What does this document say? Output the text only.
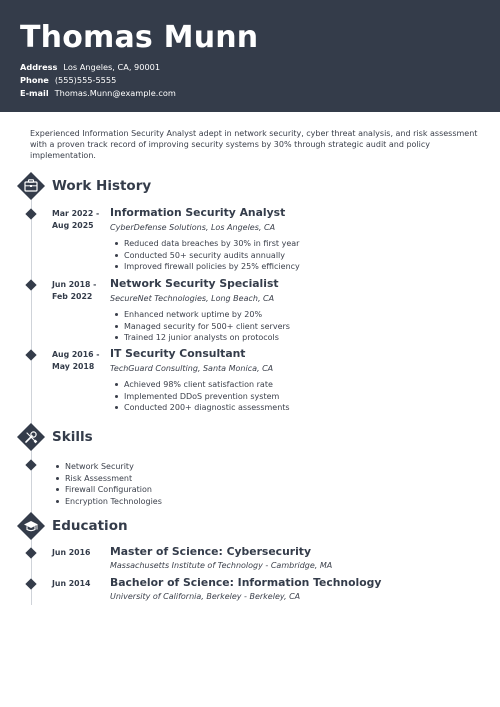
Thomas Munn
Address Los Angeles, CA, 90001
Phone (555)555-5555
E-mail Thomas.Munn@example.com

Experienced Information Security Analyst adept in network security, cyber threat analysis, and risk assessment with a proven track record of improving security systems by 30% through strategic audit and policy implementation.

Work History
Mar 2022 -
Aug 2025
Information Security Analyst
CyberDefense Solutions, Los Angeles, CA
Reduced data breaches by 30% in first year
Conducted 50+ security audits annually
Improved firewall policies by 25% efficiency
Jun 2018 -
Feb 2022
Network Security Specialist
SecureNet Technologies, Long Beach, CA
Enhanced network uptime by 20%
Managed security for 500+ client servers
Trained 12 junior analysts on protocols
Aug 2016 -
May 2018
IT Security Consultant
TechGuard Consulting, Santa Monica, CA
Achieved 98% client satisfaction rate
Implemented DDoS prevention system
Conducted 200+ diagnostic assessments
Skills
Network Security
Risk Assessment
Firewall Configuration
Encryption Technologies
Education
Jun 2016	Master of Science: Cybersecurity
Massachusetts Institute of Technology - Cambridge, MA
Jun 2014	Bachelor of Science: Information Technology
University of California, Berkeley - Berkeley, CA
